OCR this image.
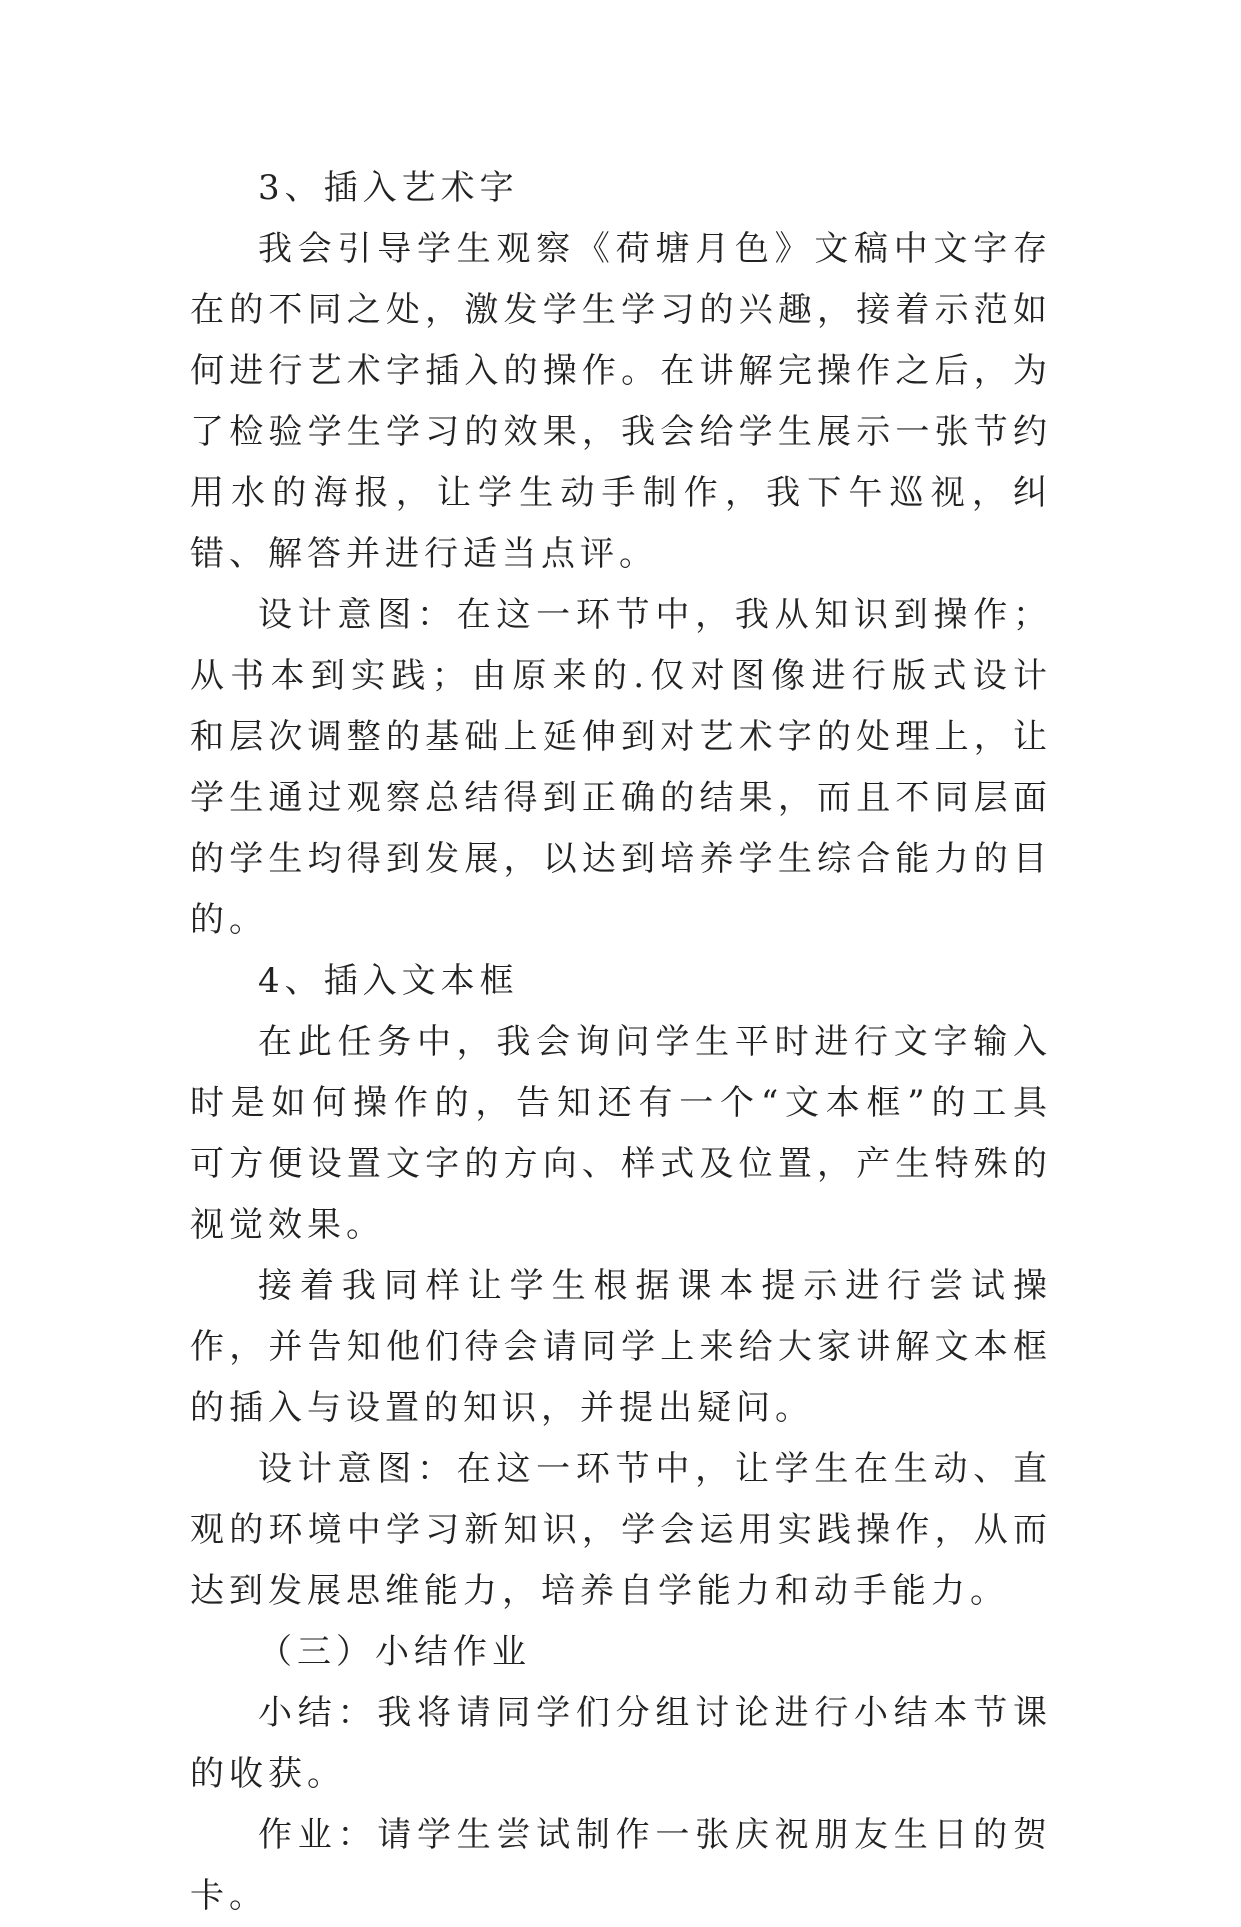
3、插入艺术字

我会引导学生观察《荷塘月色》文稿中文字存在的不同之处，激发学生学习的兴趣，接着示范如何进行艺术字插入的操作。在讲解完操作之后，为了检验学生学习的效果，我会给学生展示一张节约用水的海报，让学生动手制作，我下午巡视，纠错、解答并进行适当点评。

设计意图：在这一环节中，我从知识到操作；从书本到实践；由原来的.仅对图像进行版式设计和层次调整的基础上延伸到对艺术字的处理上，让学生通过观察总结得到正确的结果，而且不同层面的学生均得到发展，以达到培养学生综合能力的目的。

4、插入文本框

在此任务中，我会询问学生平时进行文字输入时是如何操作的，告知还有一个“文本框”的工具可方便设置文字的方向、样式及位置，产生特殊的视觉效果。

接着我同样让学生根据课本提示进行尝试操作，并告知他们待会请同学上来给大家讲解文本框的插入与设置的知识，并提出疑问。

设计意图：在这一环节中，让学生在生动、直观的环境中学习新知识，学会运用实践操作，从而达到发展思维能力，培养自学能力和动手能力。

（三）小结作业

小结：我将请同学们分组讨论进行小结本节课的收获。

作业：请学生尝试制作一张庆祝朋友生日的贺卡。
